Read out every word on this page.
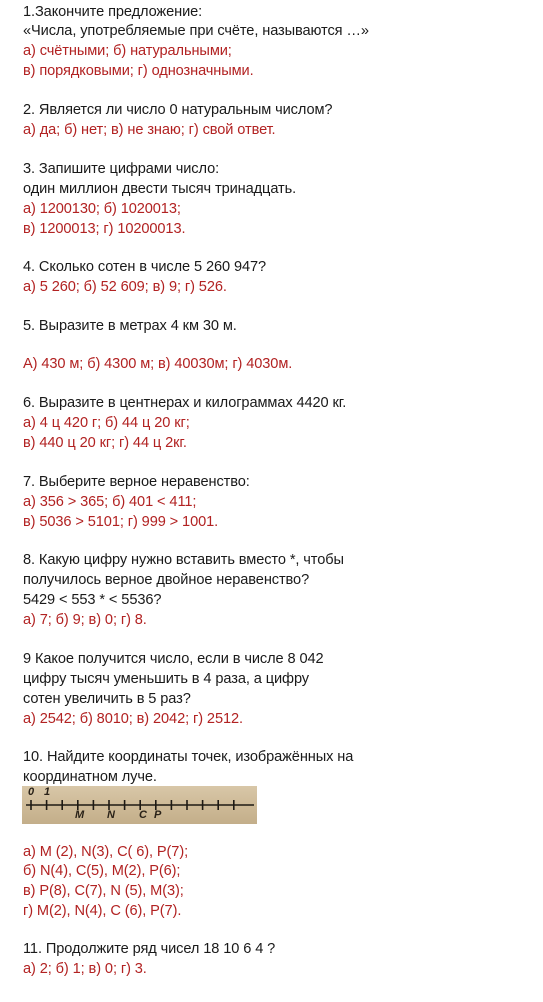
1.Закончите предложение:
«Числа, употребляемые при счёте, называются …»
а) счётными; б) натуральными;
в) порядковыми; г) однозначными.
2. Является ли число 0 натуральным числом?
а) да; б) нет; в) не знаю; г) свой ответ.
3. Запишите цифрами число:
один миллион двести тысяч тринадцать.
а) 1200130; б) 1020013;
в) 1200013; г) 10200013.
4. Сколько сотен в числе 5 260 947?
а) 5 260; б) 52 609; в) 9; г) 526.
5. Выразите в метрах 4 км 30 м.
А) 430 м; б) 4300 м; в) 40030м; г) 4030м.
6. Выразите в центнерах и килограммах 4420 кг.
а) 4 ц 420 г; б) 44 ц 20 кг;
в) 440 ц 20 кг; г) 44 ц 2кг.
7. Выберите верное неравенство:
а) 356 > 365; б) 401 < 411;
в) 5036 > 5101; г) 999 > 1001.
8. Какую цифру нужно вставить вместо *, чтобы
получилось верное двойное неравенство?
5429 < 553 * < 5536?
а) 7; б) 9; в) 0; г) 8.
9 Какое получится число, если в числе 8 042
цифру тысяч уменьшить в 4 раза, а цифру
сотен увеличить в 5 раз?
а) 2542; б) 8010; в) 2042; г) 2512.
10. Найдите координаты точек, изображённых на
координатном луче.
а) M (2), N(3), C( 6), P(7);
б) N(4), C(5), M(2), P(6);
в) P(8), C(7), N (5), M(3);
г) M(2), N(4), C (6), P(7).
11. Продолжите ряд чисел 18 10 6 4 ?
а) 2; б) 1; в) 0; г) 3.
0 1
M N C P
